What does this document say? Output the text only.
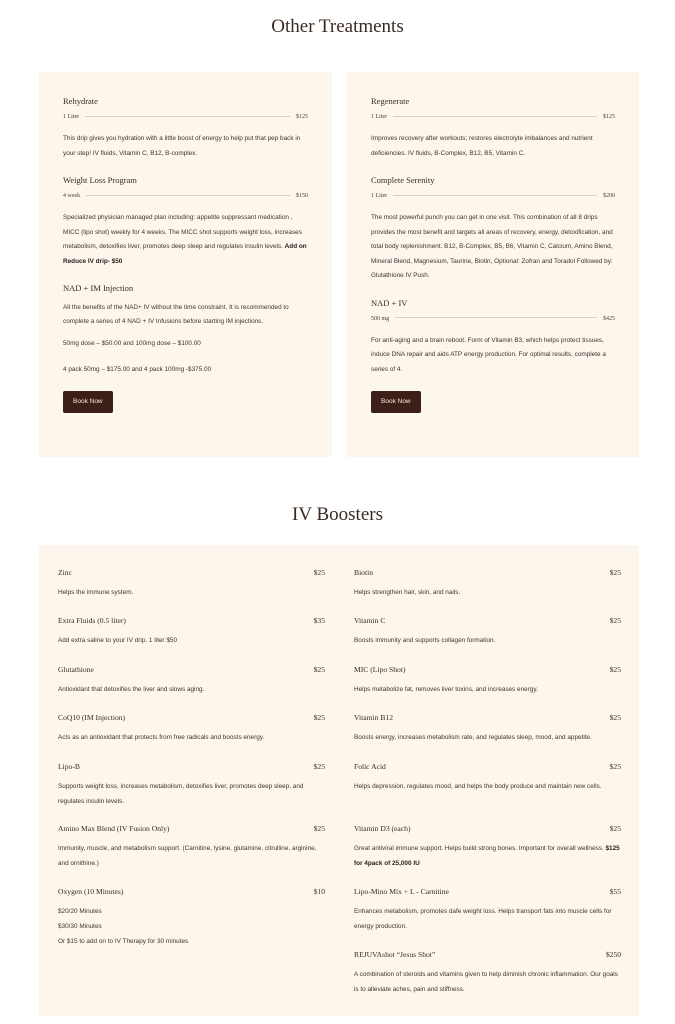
Other Treatments
Rehydrate
1 Liter	$125
This drip gives you hydration with a little boost of energy to help put that pep back in your step! IV fluids, Vitamin C, B12, B-complex.
Weight Loss Program
4 week	$150
Specialized physician managed plan including: appetite suppressant medication , MICC (lipo shot) weekly for 4 weeks. The MICC shot supports weight loss, increases metabolism, detoxifies liver, promotes deep sleep and regulates insulin levels. Add on Reduce IV drip- $50
NAD + IM Injection
All the benefits of the NAD+ IV without the time constraint. It is recommended to complete a series of 4 NAD + IV Infusions before starting IM injections.
50mg dose – $50.00 and 100mg dose – $100.00
4 pack 50mg – $175.00 and 4 pack 100mg -$375.00
Book Now
Regenerate
1 Liter	$125
Improves recovery after workouts; restores electrolyte imbalances and nutrient deficiencies. IV fluids, B-Complex, B12, B5, Vitamin C.
Complete Serenity
1 Liter	$200
The most powerful punch you can get in one visit. This combination of all 8 drips provides the most benefit and targets all areas of recovery, energy, detoxification, and total body replenishment. B12, B-Complex, B5, B6, Vitamin C, Calcium, Amino Blend, Mineral Blend, Magnesium, Taurine, Biotin, Optional: Zofran and Toradol Followed by: Glutathione IV Push.
NAD + IV
500 mg	$425
For anti-aging and a brain reboot. Form of Vitamin B3, which helps protect tissues, induce DNA repair and aids ATP energy production. For optimal results, complete a series of 4.
Book Now
IV Boosters
Zinc	$25
Helps the immune system.
Extra Fluids (0.5 liter)	$35
Add extra saline to your IV drip. 1 liter $50
Glutathione	$25
Antioxidant that detoxifies the liver and slows aging.
CoQ10 (IM Injection)	$25
Acts as an antioxidant that protects from free radicals and boosts energy.
Lipo-B	$25
Supports weight loss, increases metabolism, detoxifies liver, promotes deep sleep, and regulates insulin levels.
Amino Max Blend (IV Fusion Only)	$25
Immunity, muscle, and metabolism support. (Carnitine, lysine, glutamine, citrulline, arginine, and ornithine.)
Oxygen (10 Minutes)	$10
$20/20 Minutes
$30/30 Minutes
Or $15 to add on to IV Therapy for 30 minutes
Biotin	$25
Helps strengthen hair, skin, and nails.
Vitamin C	$25
Boosts immunity and supports collagen formation.
MIC (Lipo Shot)	$25
Helps metabolize fat, removes liver toxins, and increases energy.
Vitamin B12	$25
Boosts energy, increases metabolism rate, and regulates sleep, mood, and appetite.
Folic Acid	$25
Helps depression, regulates mood, and helps the body produce and maintain new cells.
Vitamin D3 (each)	$25
Great antiviral immune support. Helps build strong bones. Important for overall wellness. $125 for 4pack of 25,000 IU
Lipo-Mino Mix + L - Carnitine	$55
Enhances metabolism, promotes dafe weight loss. Helps transport fats into muscle cells for energy production.
REJUVAshot “Jesus Shot”	$250
A combination of steroids and vitamins given to help diminish chronic inflammation. Our goals is to alleviate aches, pain and stiffness.
